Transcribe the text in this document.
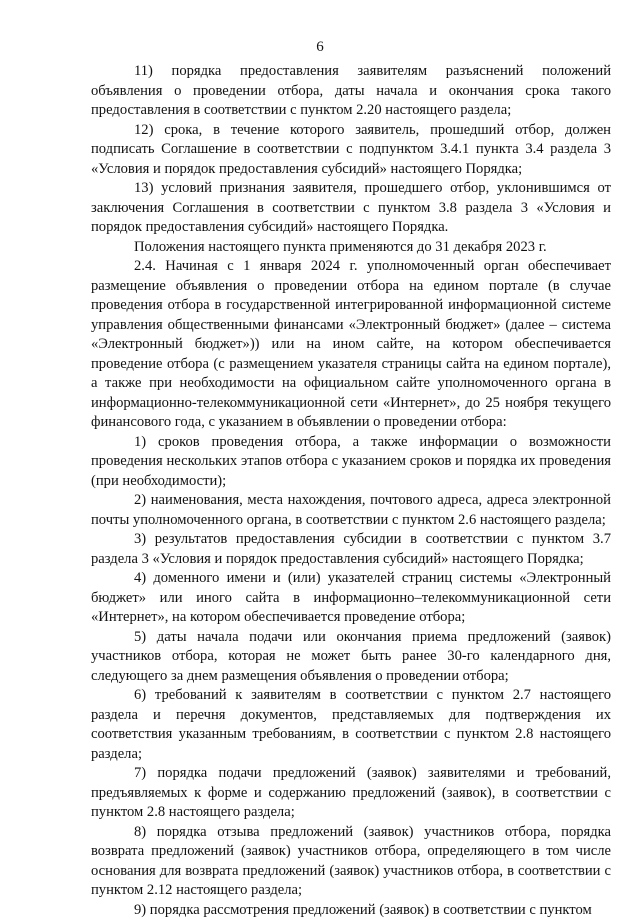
6

11) порядка предоставления заявителям разъяснений положений объявления о проведении отбора, даты начала и окончания срока такого предоставления в соответствии с пунктом 2.20 настоящего раздела;

12) срока, в течение которого заявитель, прошедший отбор, должен подписать Соглашение в соответствии с подпунктом 3.4.1 пункта 3.4 раздела 3 «Условия и порядок предоставления субсидий» настоящего Порядка;

13) условий признания заявителя, прошедшего отбор, уклонившимся от заключения Соглашения в соответствии с пунктом 3.8 раздела 3 «Условия и порядок предоставления субсидий» настоящего Порядка.

Положения настоящего пункта применяются до 31 декабря 2023 г.

2.4. Начиная с 1 января 2024 г. уполномоченный орган обеспечивает размещение объявления о проведении отбора на едином портале (в случае проведения отбора в государственной интегрированной информационной системе управления общественными финансами «Электронный бюджет» (далее – система «Электронный бюджет»)) или на ином сайте, на котором обеспечивается проведение отбора (с размещением указателя страницы сайта на едином портале), а также при необходимости на официальном сайте уполномоченного органа в информационно-телекоммуникационной сети «Интернет», до 25 ноября текущего финансового года, с указанием в объявлении о проведении отбора:

1) сроков проведения отбора, а также информации о возможности проведения нескольких этапов отбора с указанием сроков и порядка их проведения (при необходимости);

2) наименования, места нахождения, почтового адреса, адреса электронной почты уполномоченного органа, в соответствии с пунктом 2.6 настоящего раздела;

3) результатов предоставления субсидии в соответствии с пунктом 3.7 раздела 3 «Условия и порядок предоставления субсидий» настоящего Порядка;

4) доменного имени и (или) указателей страниц системы «Электронный бюджет» или иного сайта в информационно–телекоммуникационной сети «Интернет», на котором обеспечивается проведение отбора;

5) даты начала подачи или окончания приема предложений (заявок) участников отбора, которая не может быть ранее 30-го календарного дня, следующего за днем размещения объявления о проведении отбора;

6) требований к заявителям в соответствии с пунктом 2.7 настоящего раздела и перечня документов, представляемых для подтверждения их соответствия указанным требованиям, в соответствии с пунктом 2.8 настоящего раздела;

7) порядка подачи предложений (заявок) заявителями и требований, предъявляемых к форме и содержанию предложений (заявок), в соответствии с пунктом 2.8 настоящего раздела;

8) порядка отзыва предложений (заявок) участников отбора, порядка возврата предложений (заявок) участников отбора, определяющего в том числе основания для возврата предложений (заявок) участников отбора, в соответствии с пунктом 2.12 настоящего раздела;

9) порядка рассмотрения предложений (заявок) в соответствии с пунктом
